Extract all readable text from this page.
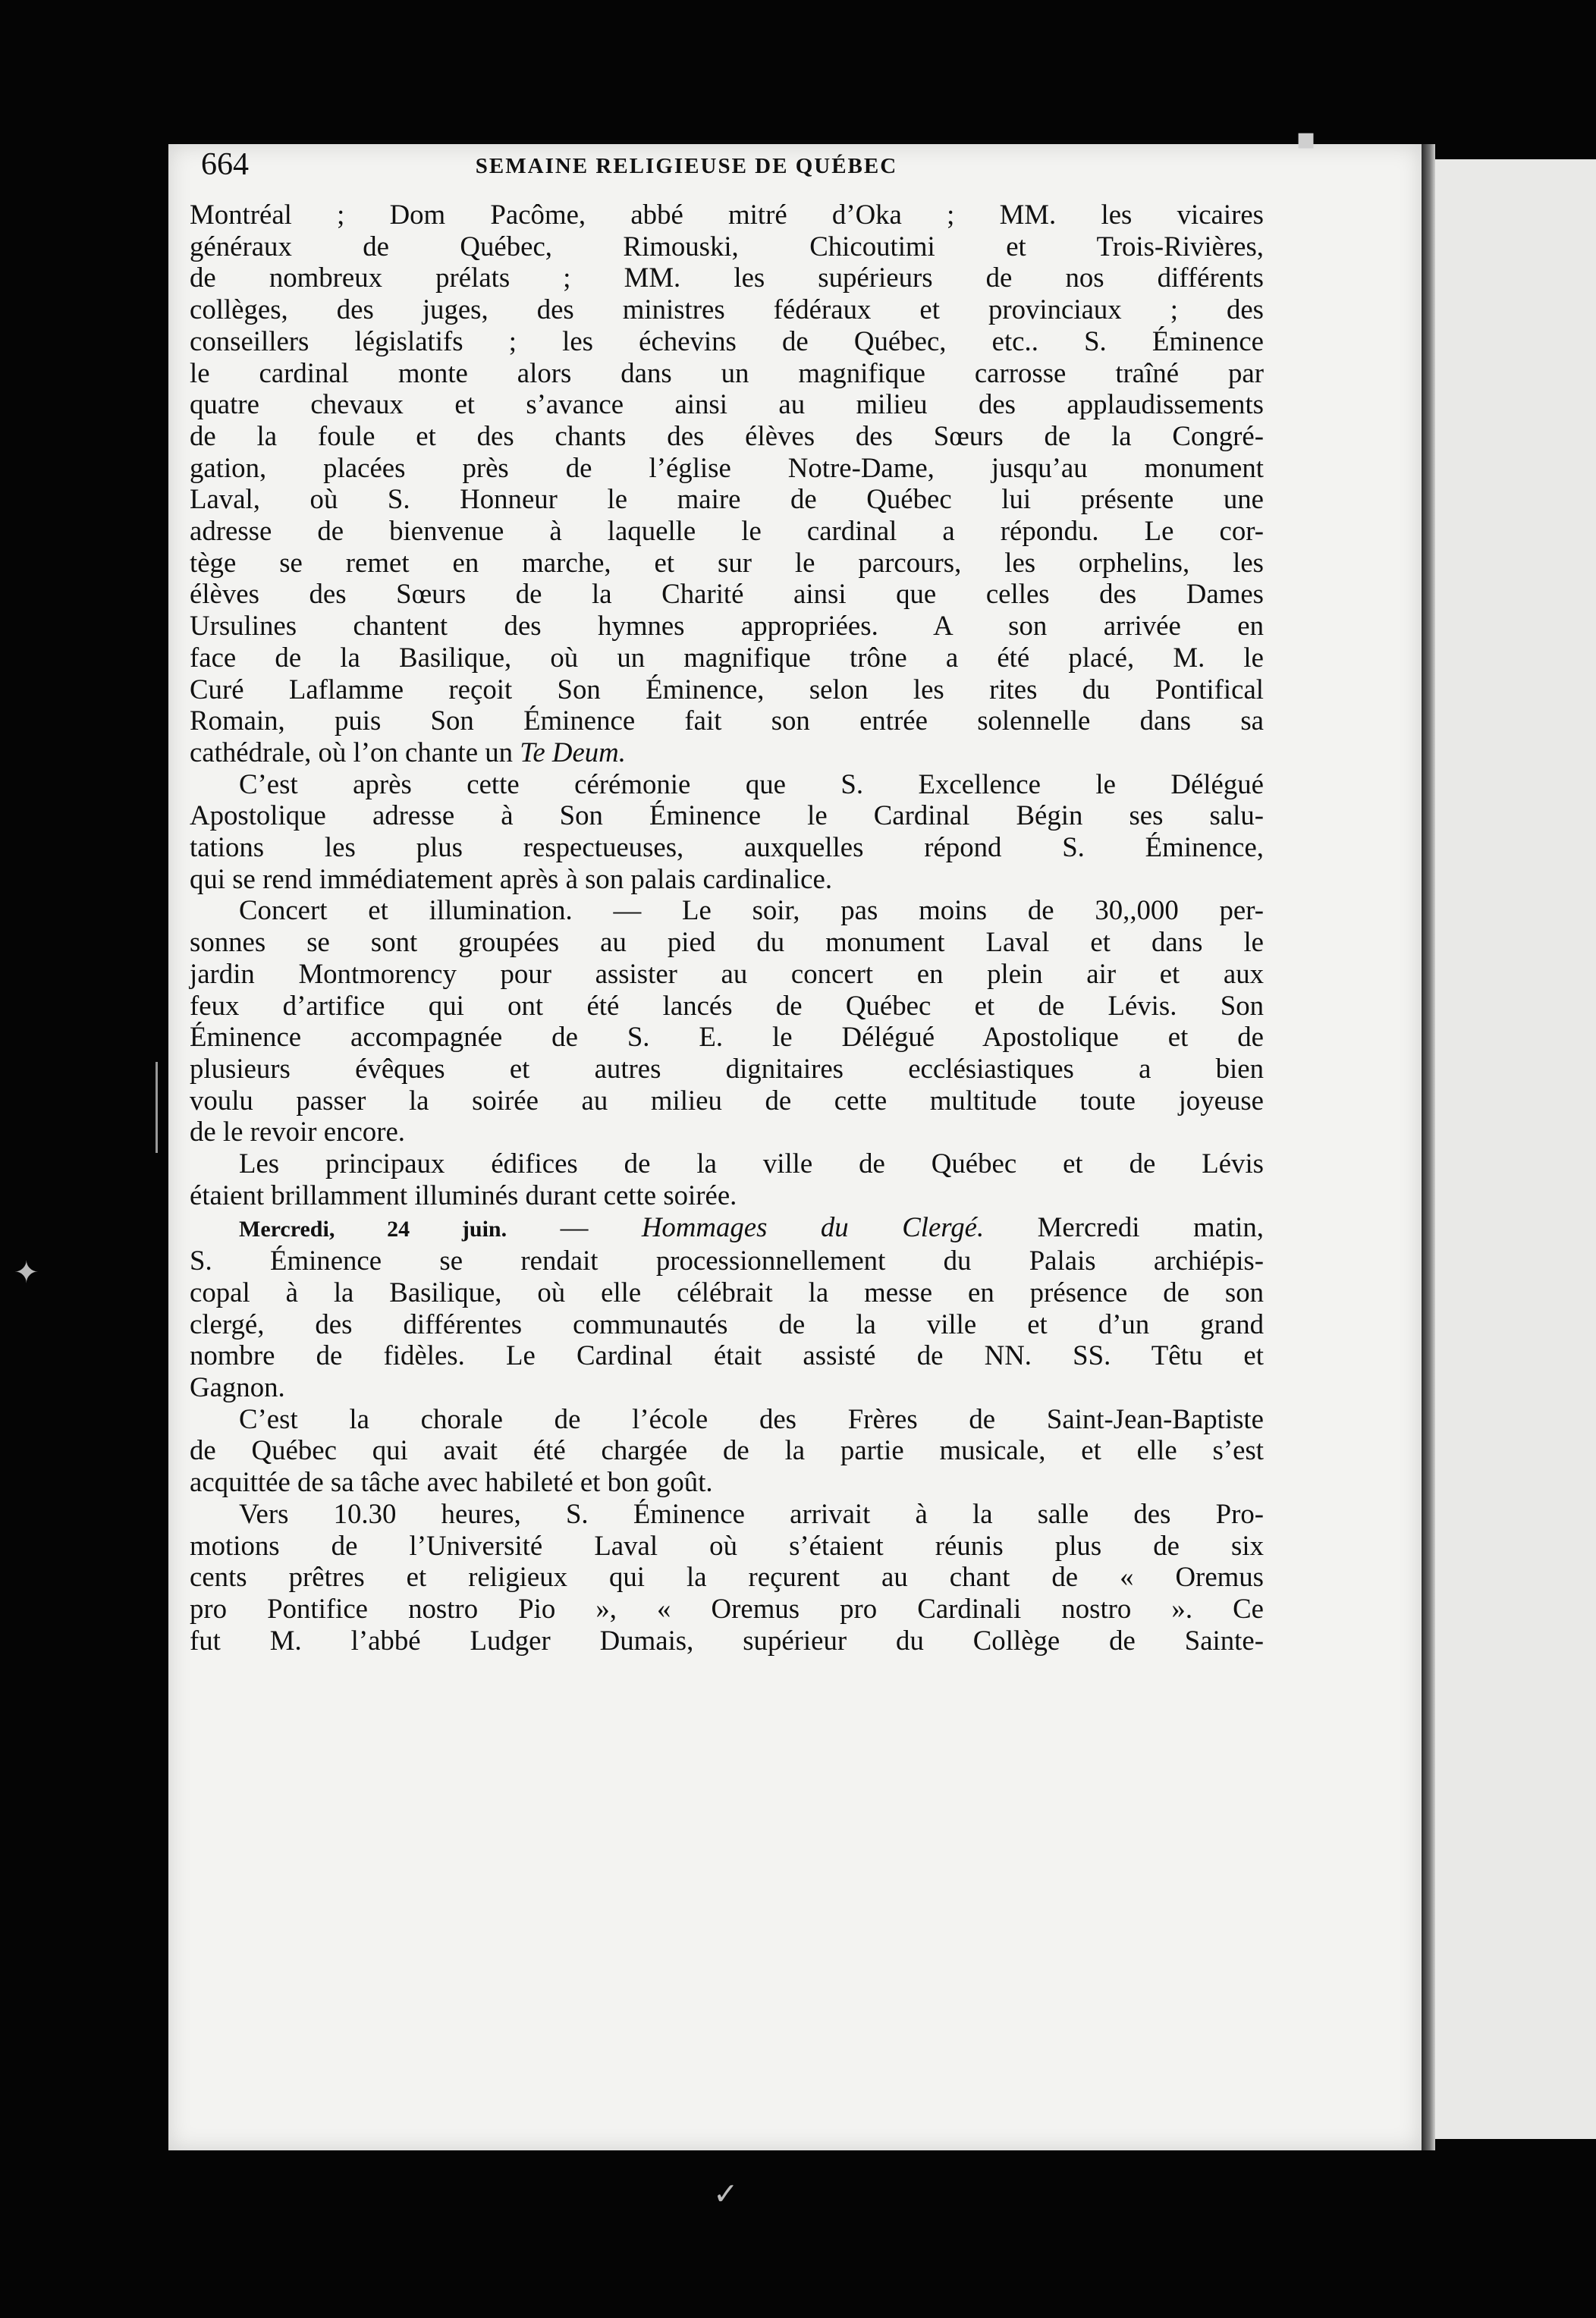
▪
✦
✓
664	SEMAINE RELIGIEUSE DE QUÉBEC

Montréal ; Dom Pacôme, abbé mitré d’Oka ; MM. les vicaires

généraux de Québec, Rimouski, Chicoutimi et Trois-Rivières,

de nombreux prélats ; MM. les supérieurs de nos différents

collèges, des juges, des ministres fédéraux et provinciaux ; des

conseillers législatifs ; les échevins de Québec, etc.. S. Éminence

le cardinal monte alors dans un magnifique carrosse traîné par

quatre chevaux et s’avance ainsi au milieu des applaudissements

de la foule et des chants des élèves des Sœurs de la Congré-

gation, placées près de l’église Notre-Dame, jusqu’au monument

Laval, où S. Honneur le maire de Québec lui présente une

adresse de bienvenue à laquelle le cardinal a répondu. Le cor-

tège se remet en marche, et sur le parcours, les orphelins, les

élèves des Sœurs de la Charité ainsi que celles des Dames

Ursulines chantent des hymnes appropriées. A son arrivée en

face de la Basilique, où un magnifique trône a été placé, M. le

Curé Laflamme reçoit Son Éminence, selon les rites du Pontifical

Romain, puis Son Éminence fait son entrée solennelle dans sa

cathédrale, où l’on chante un Te Deum.

C’est après cette cérémonie que S. Excellence le Délégué

Apostolique adresse à Son Éminence le Cardinal Bégin ses salu-

tations les plus respectueuses, auxquelles répond S. Éminence,

qui se rend immédiatement après à son palais cardinalice.

Concert et illumination. — Le soir, pas moins de 30,,000 per-

sonnes se sont groupées au pied du monument Laval et dans le

jardin Montmorency pour assister au concert en plein air et aux

feux d’artifice qui ont été lancés de Québec et de Lévis. Son

Éminence accompagnée de S. E. le Délégué Apostolique et de

plusieurs évêques et autres dignitaires ecclésiastiques a bien

voulu passer la soirée au milieu de cette multitude toute joyeuse

de le revoir encore.

Les principaux édifices de la ville de Québec et de Lévis

étaient brillamment illuminés durant cette soirée.

Mercredi, 24 juin. — Hommages du Clergé. Mercredi matin,

S. Éminence se rendait processionnellement du Palais archiépis-

copal à la Basilique, où elle célébrait la messe en présence de son

clergé, des différentes communautés de la ville et d’un grand

nombre de fidèles. Le Cardinal était assisté de NN. SS. Têtu et

Gagnon.

C’est la chorale de l’école des Frères de Saint-Jean-Baptiste

de Québec qui avait été chargée de la partie musicale, et elle s’est

acquittée de sa tâche avec habileté et bon goût.

Vers 10.30 heures, S. Éminence arrivait à la salle des Pro-

motions de l’Université Laval où s’étaient réunis plus de six

cents prêtres et religieux qui la reçurent au chant de « Oremus

pro Pontifice nostro Pio », « Oremus pro Cardinali nostro ». Ce

fut M. l’abbé Ludger Dumais, supérieur du Collège de Sainte-
